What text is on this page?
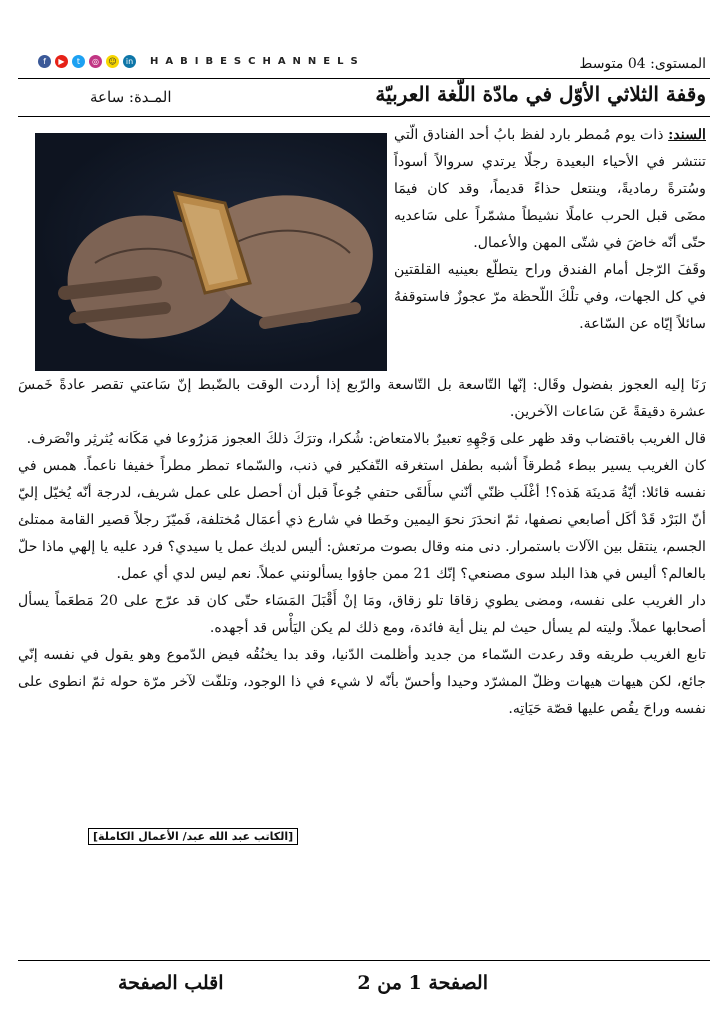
f	▶	t	◎	☺	in HABIBESCHANNELS	المستوى: 04 متوسط
وقفة الثلاثي الأوّل في مادّة اللّغة العربيّة
المـدة: ساعة

السند: ذات يوم مُمطر بارد لفظ بابُ أحد الفنادق الّتي تنتشر في الأحياء البعيدة رجلًا يرتدي سروالاً أسوداً وسُترةً رماديةً، وينتعل حذاءً قديماً، وقد كان فيمَا مضَى قبل الحرب عاملًا نشيطاً مشمّراً على سَاعديه حتّى أنّه خاضَ في شتّى المهن والأعمال.

وقَفَ الرّجل أمام الفندق وراح يتطلّع بعينيه القلقتين في كل الجهات، وفي تلْكَ اللّحظة مرّ عجوزٌ فاستوقفهُ سائلاً إيّاه عن السّاعة.

رَنَا إليه العجوز بفضول وقَال: إنّها التّاسعة بل التّاسعة والرّبع إذا أردت الوقت بالضّبط إنّ سَاعتي تقصر عادةً خَمسَ عشرة دقيقةً عَن سَاعات الآخرين.

قال الغريب باقتضاب وقد ظهر على وَجْهِهِ تعبيرٌ بالامتعاض: شُكرا، وترَكَ ذلكَ العجوز مَزرُوعا في مَكَانه يُثرثِر وانْصَرف.

كان الغريب يسير ببطء مُطرقاً أشبه بطفل استغرقه التّفكير في ذنب، والسّماء تمطر مطراً خفيفا ناعماً. همس في نفسه قائلا: أيّةُ مَدينَة هَذه؟! أغْلَب ظنّي أنّني سأَلقَى حتفي جُوعاً قبل أن أحصل على عمل شريف، لدرجة أنّه يُخيّل إليّ أنّ البَرْد قَدْ أكَل أصابعي نصفها، ثمّ انحدَرَ نحوَ اليمين وخَطا في شارع ذي أعمَال مُختلفة، فَميّزَ رجلاً قصير القامة ممتلئ الجسم، ينتقل بين الآلات باستمرار. دنى منه وقال بصوت مرتعش: أليس لديك عمل يا سيدي؟ فرد عليه يا إلهي ماذا حلّ بالعالم؟ أليس في هذا البلد سوى مصنعي؟ إنّك 21 ممن جاؤوا يسألونني عملاً. نعم ليس لدي أي عمل.

دار الغريب على نفسه، ومضى يطوي زقاقا تلو زقاق، ومَا إنْ أَقْبَلَ المَسَاء حتّى كان قد عرّج على 20 مَطعَماً يسأل أصحابها عملاً. وليته لم يسأل حيث لم ينل أية فائدة، ومع ذلك لم يكن اليَأْس قد أجهده.

تابع الغريب طريقه وقد رعدت السّماء من جديد وأظلمت الدّنيا، وقد بدا يخنُقُه فيض الدّموع وهو يقول في نفسه إنّي جائع، لكن هيهات هيهات وظلّ المشرّد وحيدا وأحسّ بأنّه لا شيء في ذا الوجود، وتلفّت لآخر مرّة حوله ثمّ انطوى على نفسه وراحَ يقُص عليها قصّة حَيَاتِه.

[الكاتب عبد الله عبد/ الأعمال الكاملة]
الصفحة 1 من 2
اقلب الصفحة
